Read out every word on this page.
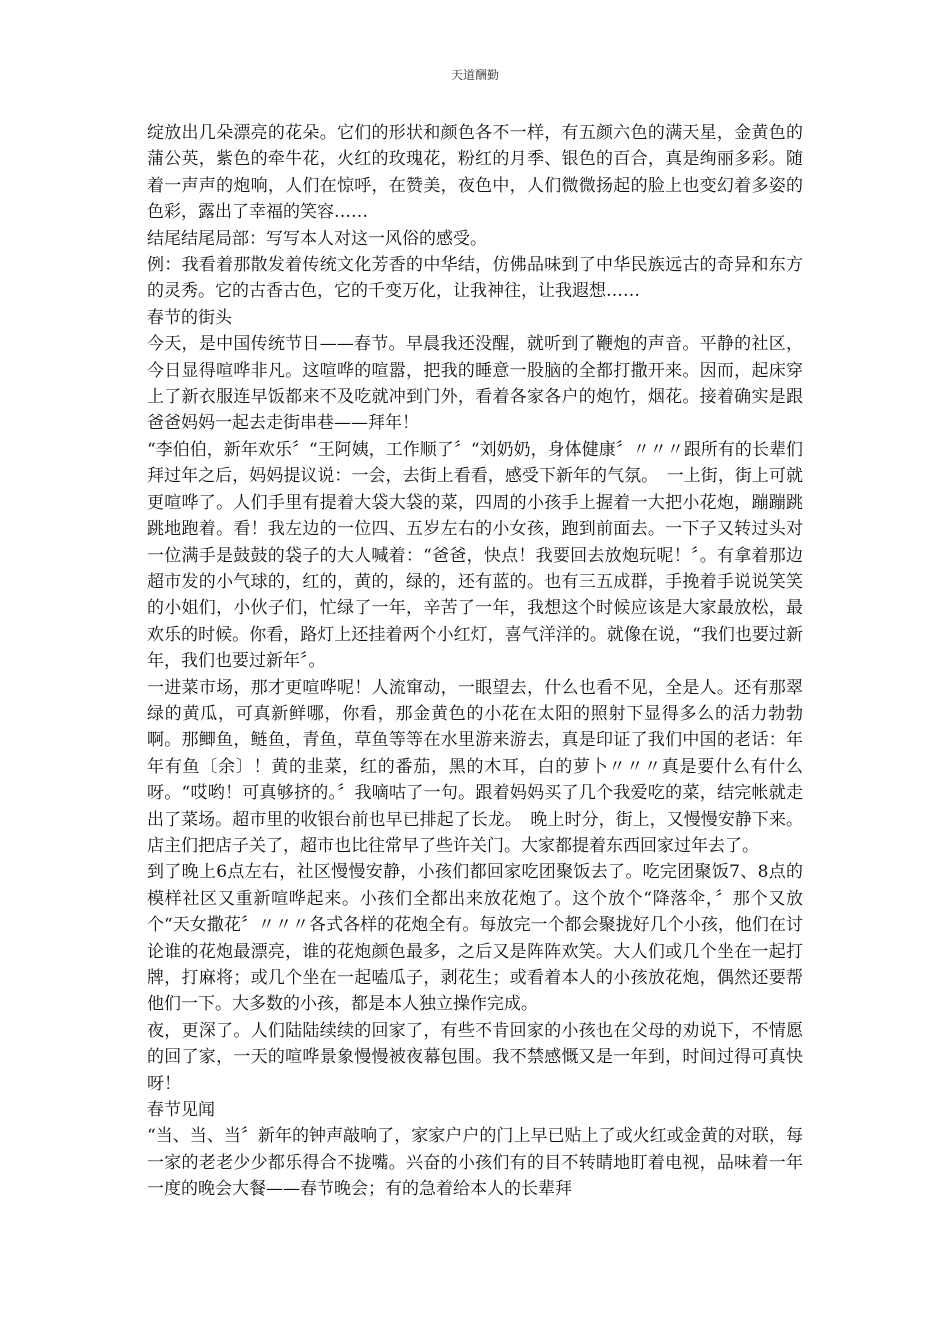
天道酬勤

绽放出几朵漂亮的花朵。它们的形状和颜色各不一样，有五颜六色的满天星，金黄色的蒲公英，紫色的牵牛花，火红的玫瑰花，粉红的月季、银色的百合，真是绚丽多彩。随着一声声的炮响，人们在惊呼，在赞美，夜色中，人们微微扬起的脸上也变幻着多姿的色彩，露出了幸福的笑容……

结尾结尾局部：写写本人对这一风俗的感受。

例：我看着那散发着传统文化芳香的中华结，仿佛品味到了中华民族远古的奇异和东方的灵秀。它的古香古色，它的千变万化，让我神往，让我遐想……

春节的街头

今天，是中国传统节日——春节。早晨我还没醒，就听到了鞭炮的声音。平静的社区，今日显得喧哗非凡。这喧哗的喧嚣，把我的睡意一股脑的全都打撒开来。因而，起床穿上了新衣服连早饭都来不及吃就冲到门外，看着各家各户的炮竹，烟花。接着确实是跟爸爸妈妈一起去走街串巷——拜年！

“李伯伯，新年欢乐〞“王阿姨，工作顺了〞“刘奶奶，身体健康〞〃〃〃跟所有的长辈们拜过年之后，妈妈提议说：一会，去街上看看，感受下新年的气氛。　一上街，街上可就更喧哗了。人们手里有提着大袋大袋的菜，四周的小孩手上握着一大把小花炮，蹦蹦跳跳地跑着。看！我左边的一位四、五岁左右的小女孩，跑到前面去。一下子又转过头对一位满手是鼓鼓的袋子的大人喊着：“爸爸，快点！我要回去放炮玩呢！〞。有拿着那边超市发的小气球的，红的，黄的，绿的，还有蓝的。也有三五成群，手挽着手说说笑笑的小姐们，小伙子们，忙绿了一年，辛苦了一年，我想这个时候应该是大家最放松，最欢乐的时候。你看，路灯上还挂着两个小红灯，喜气洋洋的。就像在说，“我们也要过新年，我们也要过新年〞。

一进菜市场，那才更喧哗呢！人流窜动，一眼望去，什么也看不见，全是人。还有那翠绿的黄瓜，可真新鲜哪，你看，那金黄色的小花在太阳的照射下显得多么的活力勃勃啊。那鲫鱼，鲢鱼，青鱼，草鱼等等在水里游来游去，真是印证了我们中国的老话：年年有鱼〔余〕！黄的韭菜，红的番茄，黑的木耳，白的萝卜〃〃〃真是要什么有什么呀。“哎哟！可真够挤的。〞我嘀咕了一句。跟着妈妈买了几个我爱吃的菜，结完帐就走出了菜场。超市里的收银台前也早已排起了长龙。　晚上时分，街上，又慢慢安静下来。店主们把店子关了，超市也比往常早了些许关门。大家都提着东西回家过年去了。

到了晚上6点左右，社区慢慢安静，小孩们都回家吃团聚饭去了。吃完团聚饭7、8点的模样社区又重新喧哗起来。小孩们全都出来放花炮了。这个放个“降落伞，〞那个又放个“天女撒花〞〃〃〃各式各样的花炮全有。每放完一个都会聚拢好几个小孩，他们在讨论谁的花炮最漂亮，谁的花炮颜色最多，之后又是阵阵欢笑。大人们或几个坐在一起打牌，打麻将；或几个坐在一起嗑瓜子，剥花生；或看着本人的小孩放花炮，偶然还要帮他们一下。大多数的小孩，都是本人独立操作完成。

夜，更深了。人们陆陆续续的回家了，有些不肯回家的小孩也在父母的劝说下，不情愿的回了家，一天的喧哗景象慢慢被夜幕包围。我不禁感慨又是一年到，时间过得可真快呀！

春节见闻

“当、当、当〞新年的钟声敲响了，家家户户的门上早已贴上了或火红或金黄的对联，每一家的老老少少都乐得合不拢嘴。兴奋的小孩们有的目不转睛地盯着电视，品味着一年一度的晚会大餐——春节晚会；有的急着给本人的长辈拜
